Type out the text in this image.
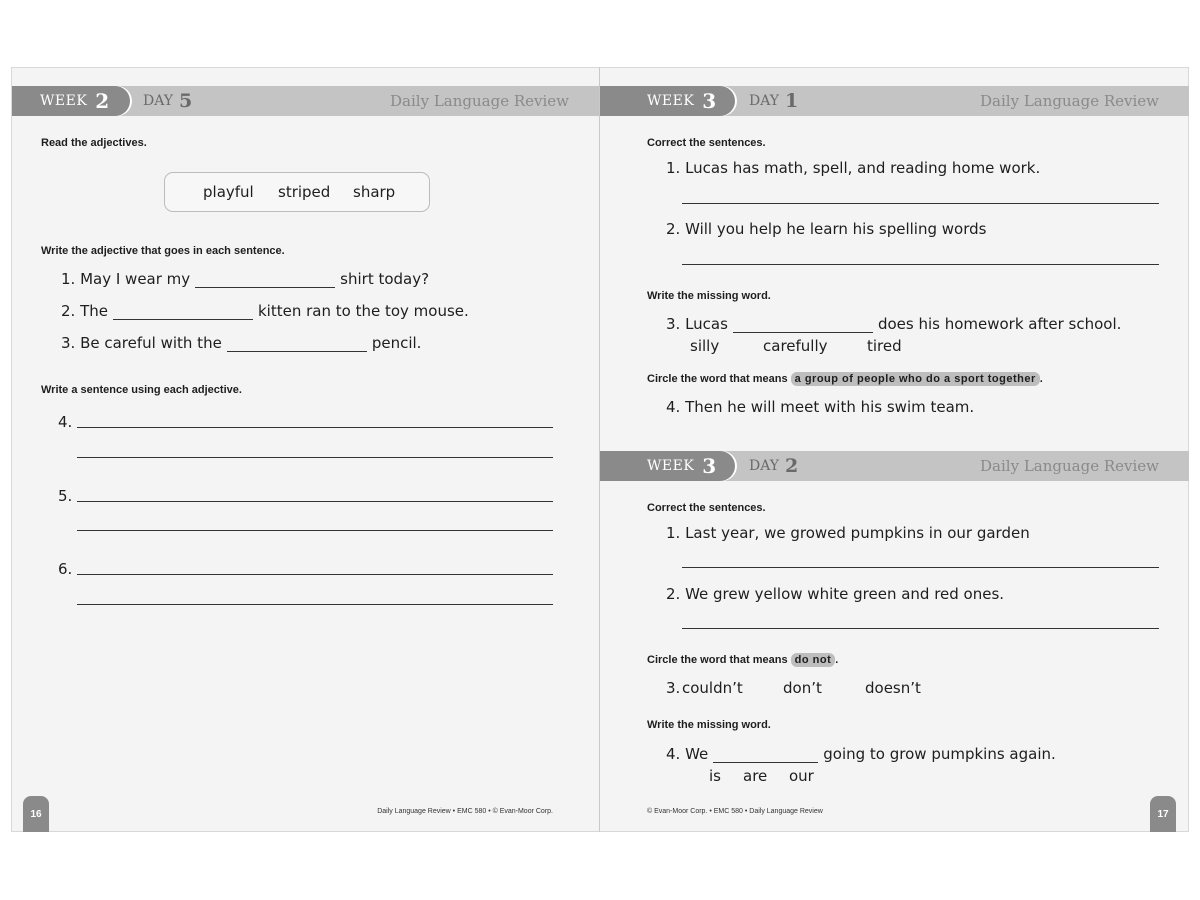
WEEK 2 DAY 5	Daily Language Review
Read the adjectives.
playful striped sharp
Write the adjective that goes in each sentence.
1. May I wear my	shirt today?
2. The	kitten ran to the toy mouse.
3. Be careful with the	pencil.
Write a sentence using each adjective.
4.
5.
6.
16	Daily Language Review • EMC 580 • © Evan-Moor Corp.
WEEK 3 DAY 1	Daily Language Review
Correct the sentences.
1. Lucas has math, spell, and reading home work.
2. Will you help he learn his spelling words
Write the missing word.
3. Lucas	does his homework after school.
silly	carefully	tired
Circle the word that means a group of people who do a sport together .
4. Then he will meet with his swim team.
WEEK 3 DAY 2	Daily Language Review
Correct the sentences.
1. Last year, we growed pumpkins in our garden
2. We grew yellow white green and red ones.
Circle the word that means do not .
3. couldn’t	don’t	doesn’t
Write the missing word.
4. We	going to grow pumpkins again.
is are our
© Evan-Moor Corp. • EMC 580 • Daily Language Review	17
